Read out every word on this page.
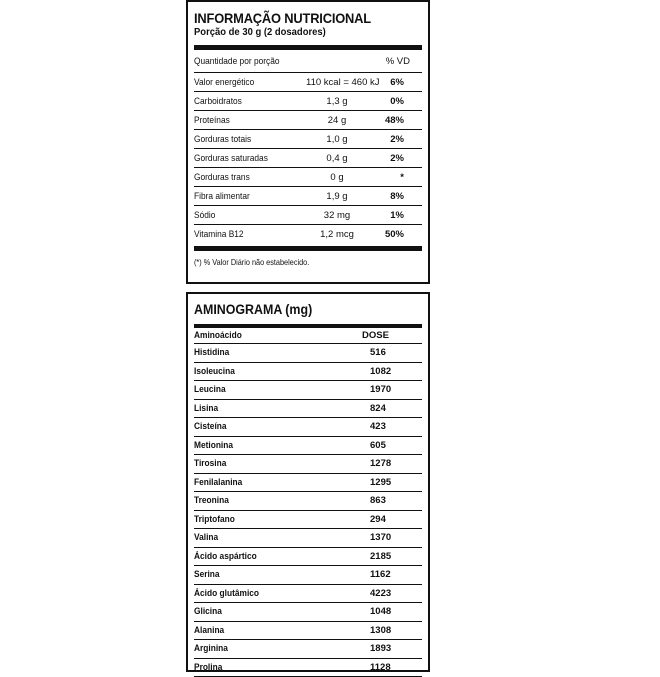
INFORMAÇÃO NUTRICIONAL
Porção de 30 g (2 dosadores)
Quantidade por porção	% VD
Valor energético	110 kcal = 460 kJ	6%
Carboidratos	1,3 g	0%
Proteínas	24 g	48%
Gorduras totais	1,0 g	2%
Gorduras saturadas	0,4 g	2%
Gorduras trans	0 g	*
Fibra alimentar	1,9 g	8%
Sódio	32 mg	1%
Vitamina B12	1,2 mcg	50%
(*) % Valor Diário não estabelecido.
AMINOGRAMA (mg)
Aminoácido	DOSE
Histidina	516
Isoleucina	1082
Leucina	1970
Lisina	824
Cisteína	423
Metionina	605
Tirosina	1278
Fenilalanina	1295
Treonina	863
Triptofano	294
Valina	1370
Ácido aspártico	2185
Serina	1162
Ácido glutâmico	4223
Glicina	1048
Alanina	1308
Arginina	1893
Prolina	1128
